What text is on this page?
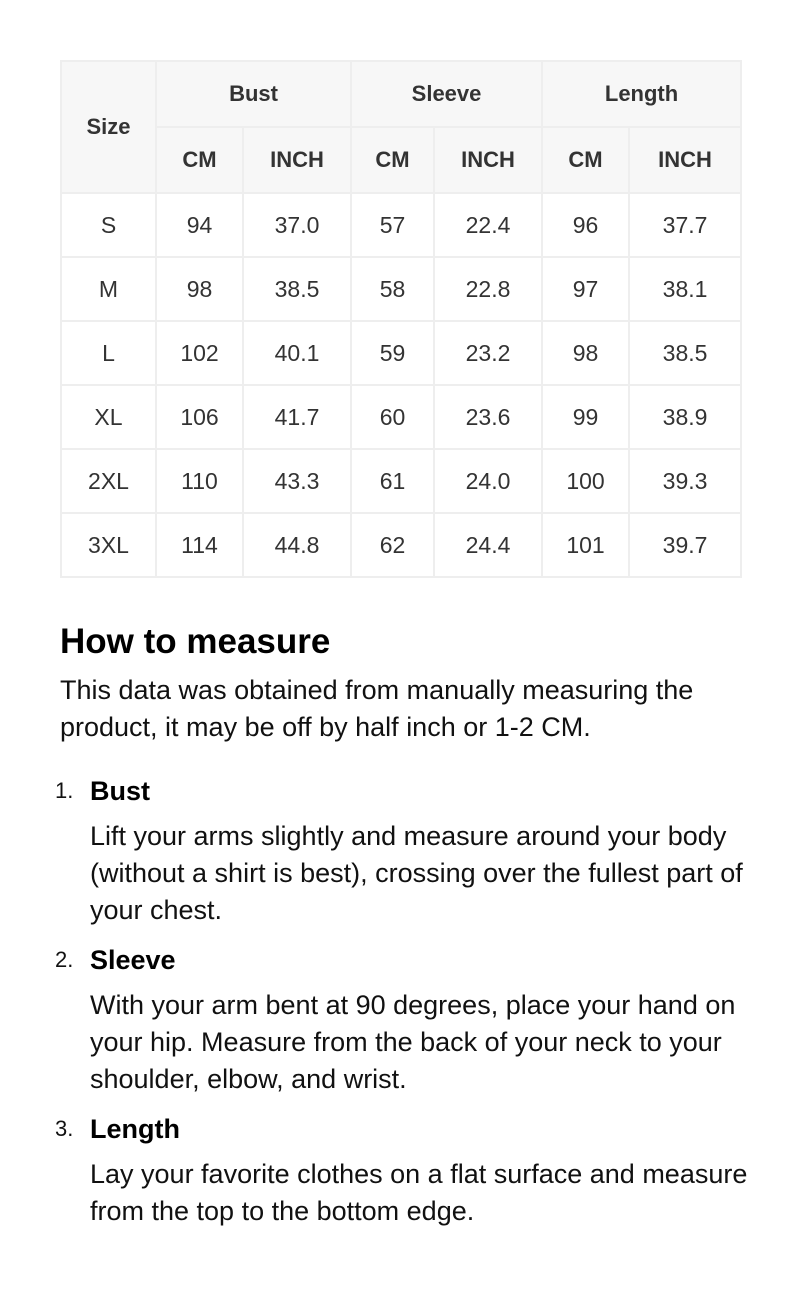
Size	Bust		Sleeve		Length	
	CM	INCH	CM	INCH	CM	INCH
S	94	37.0	57	22.4	96	37.7
M	98	38.5	58	22.8	97	38.1
L	102	40.1	59	23.2	98	38.5
XL	106	41.7	60	23.6	99	38.9
2XL	110	43.3	61	24.0	100	39.3
3XL	114	44.8	62	24.4	101	39.7
How to measure

This data was obtained from manually measuring the product, it may be off by half inch or 1-2 CM.

1. Bust
Lift your arms slightly and measure around your body (without a shirt is best), crossing over the fullest part of your chest.
2. Sleeve
With your arm bent at 90 degrees, place your hand on your hip. Measure from the back of your neck to your shoulder, elbow, and wrist.
3. Length
Lay your favorite clothes on a flat surface and measure from the top to the bottom edge.
